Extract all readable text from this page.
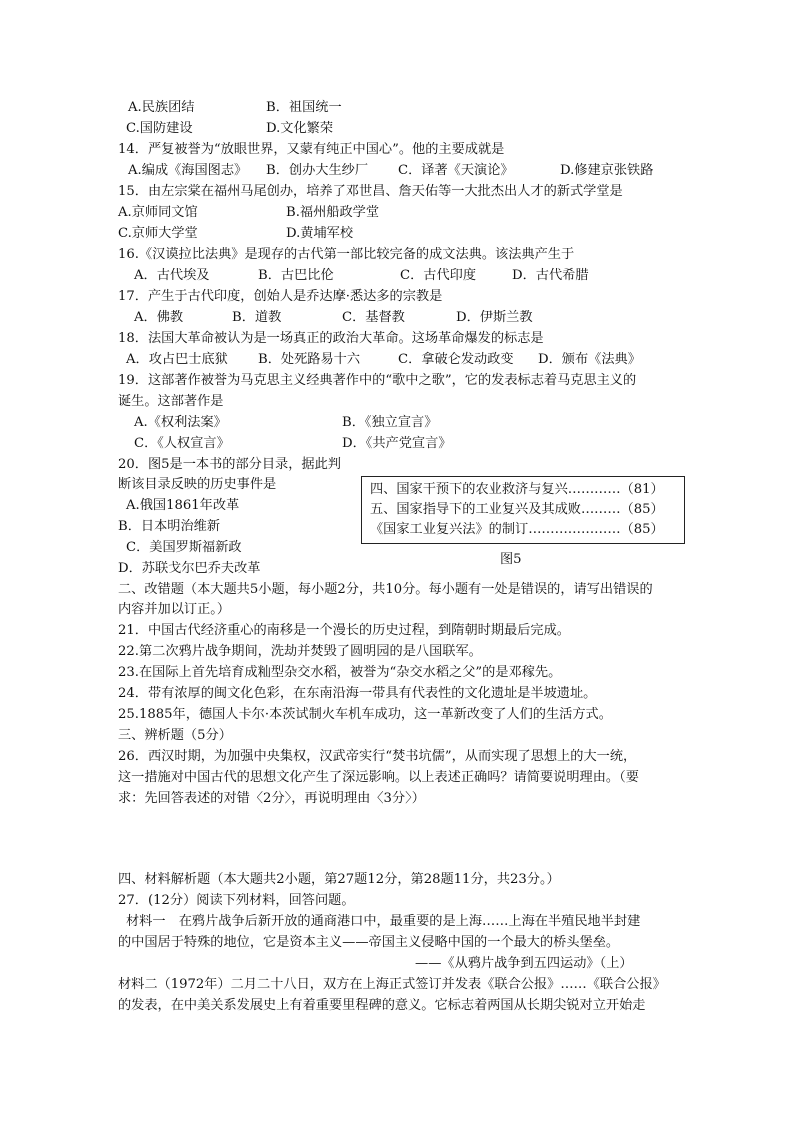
A.民族团结	B．祖国统一
C.国防建设	D.文化繁荣
14．严复被誉为“放眼世界，又蒙有纯正中国心”。他的主要成就是
A.编成《海国图志》 B．创办大生纱厂 C．译著《天演论》	D.修建京张铁路
15．由左宗棠在福州马尾创办，培养了邓世昌、詹天佑等一大批杰出人才的新式学堂是
A.京师同文馆	B.福州船政学堂
C.京师大学堂	D.黄埔军校
16.《汉谟拉比法典》是现存的古代第一部比较完备的成文法典。该法典产生于
A．古代埃及	B．古巴比伦	C．古代印度	D．古代希腊
17．产生于古代印度，创始人是乔达摩·悉达多的宗教是
A．佛教	B．道教	C．基督教	D．伊斯兰教
18．法国大革命被认为是一场真正的政治大革命。这场革命爆发的标志是
A．攻占巴士底狱 B．处死路易十六	C．拿破仑发动政变 D．颁布《法典》
19．这部著作被誉为马克思主义经典著作中的“歌中之歌”，它的发表标志着马克思主义的
诞生。这部著作是
A.《权利法案》	B．《独立宣言》
C．《人权宣言》	D．《共产党宣言》
20．图5是一本书的部分目录，据此判
断该目录反映的历史事件是
A.俄国1861年改革
B．日本明治维新
C．美国罗斯福新政
D．苏联戈尔巴乔夫改革
四、国家干预下的农业救济与复兴…………（81）
五、国家指导下的工业复兴及其成败………（85）
《国家工业复兴法》的制订…………………（85）
图5
二、改错题（本大题共5小题，每小题2分，共10分。每小题有一处是错误的，请写出错误的
内容并加以订正。）
21．中国古代经济重心的南移是一个漫长的历史过程，到隋朝时期最后完成。
22.第二次鸦片战争期间，洗劫并焚毁了圆明园的是八国联军。
23.在国际上首先培育成籼型杂交水稻，被誉为“杂交水稻之父”的是邓稼先。
24．带有浓厚的闽文化色彩，在东南沿海一带具有代表性的文化遗址是半坡遗址。
25.1885年，德国人卡尔·本茨试制火车机车成功，这一革新改变了人们的生活方式。
三、辨析题（5分）
26．西汉时期，为加强中央集权，汉武帝实行“焚书坑儒”，从而实现了思想上的大一统，
这一措施对中国古代的思想文化产生了深远影响。以上表述正确吗？请简要说明理由。（要
求：先回答表述的对错〈2分〉，再说明理由〈3分〉）
四、材料解析题（本大题共2小题，第27题12分，第28题11分，共23分。）
27．(12分）阅读下列材料，回答问题。
材料一　在鸦片战争后新开放的通商港口中，最重要的是上海……上海在半殖民地半封建
的中国居于特殊的地位，它是资本主义——帝国主义侵略中国的一个最大的桥头堡垒。
——《从鸦片战争到五四运动》（上）
材料二（1972年）二月二十八日，双方在上海正式签订并发表《联合公报》……《联合公报》
的发表，在中美关系发展史上有着重要里程碑的意义。它标志着两国从长期尖锐对立开始走
